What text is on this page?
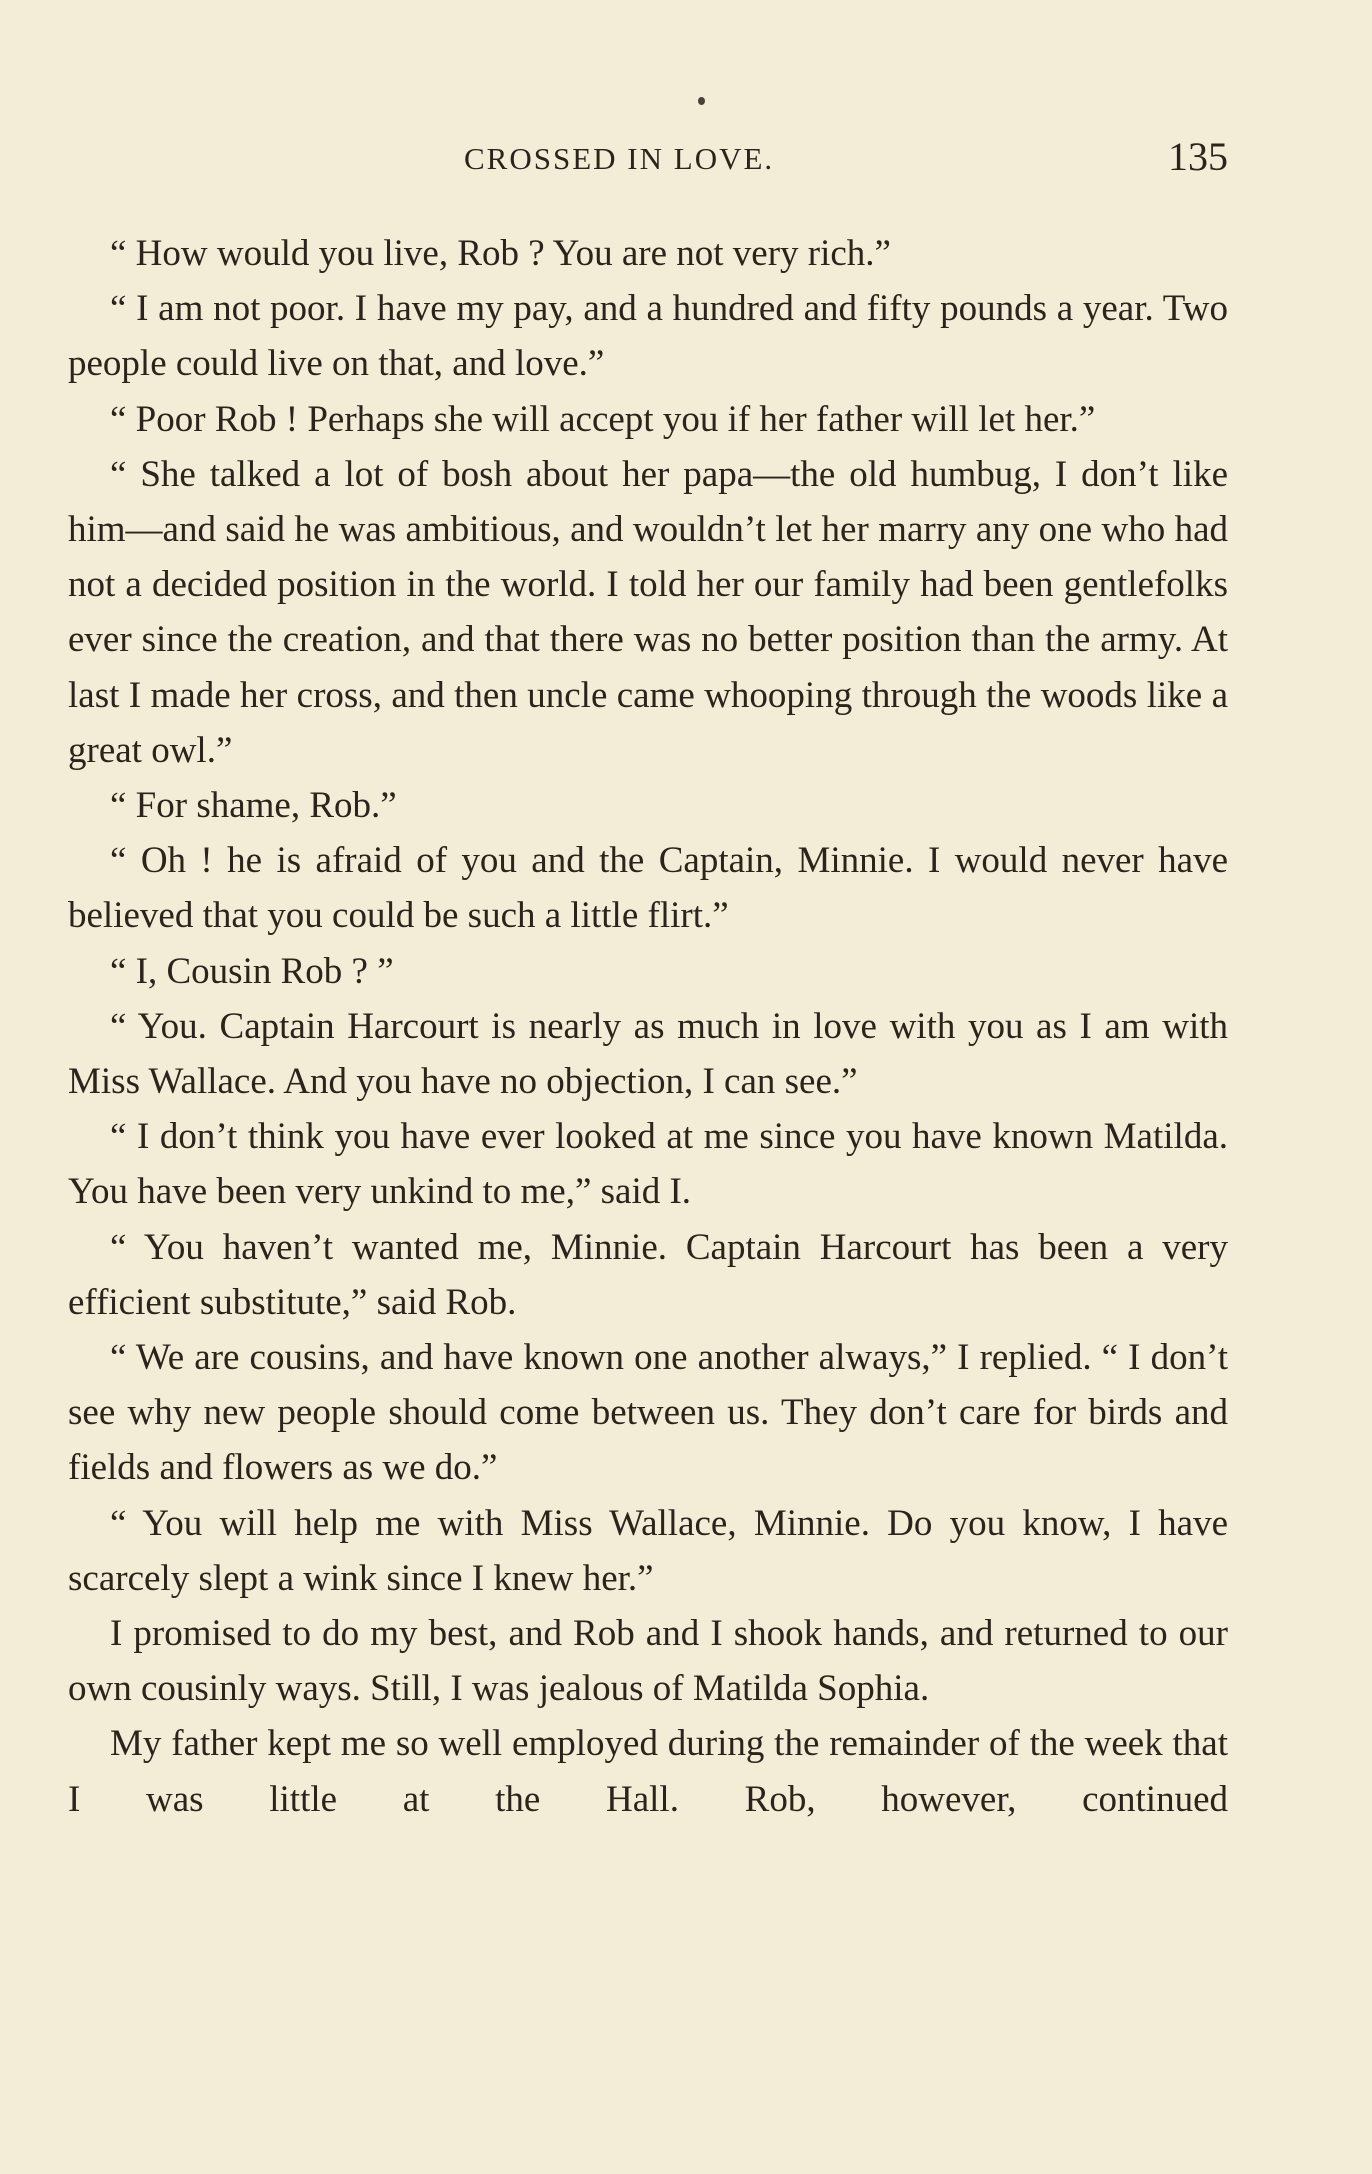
CROSSED IN LOVE.	135

“ How would you live, Rob ? You are not very rich.”

“ I am not poor. I have my pay, and a hundred and fifty pounds a year. Two people could live on that, and love.”

“ Poor Rob ! Perhaps she will accept you if her father will let her.”

“ She talked a lot of bosh about her papa—the old humbug, I don’t like him—and said he was ambitious, and wouldn’t let her marry any one who had not a decided position in the world. I told her our family had been gentlefolks ever since the creation, and that there was no better position than the army. At last I made her cross, and then uncle came whooping through the woods like a great owl.”

“ For shame, Rob.”

“ Oh ! he is afraid of you and the Captain, Minnie. I would never have believed that you could be such a little flirt.”

“ I, Cousin Rob ? ”

“ You. Captain Harcourt is nearly as much in love with you as I am with Miss Wallace. And you have no objection, I can see.”

“ I don’t think you have ever looked at me since you have known Matilda. You have been very unkind to me,” said I.

“ You haven’t wanted me, Minnie. Captain Harcourt has been a very efficient substitute,” said Rob.

“ We are cousins, and have known one another always,” I replied. “ I don’t see why new people should come between us. They don’t care for birds and fields and flowers as we do.”

“ You will help me with Miss Wallace, Minnie. Do you know, I have scarcely slept a wink since I knew her.”

I promised to do my best, and Rob and I shook hands, and returned to our own cousinly ways. Still, I was jealous of Matilda Sophia.

My father kept me so well employed during the remainder of the week that I was little at the Hall. Rob, however, continued
